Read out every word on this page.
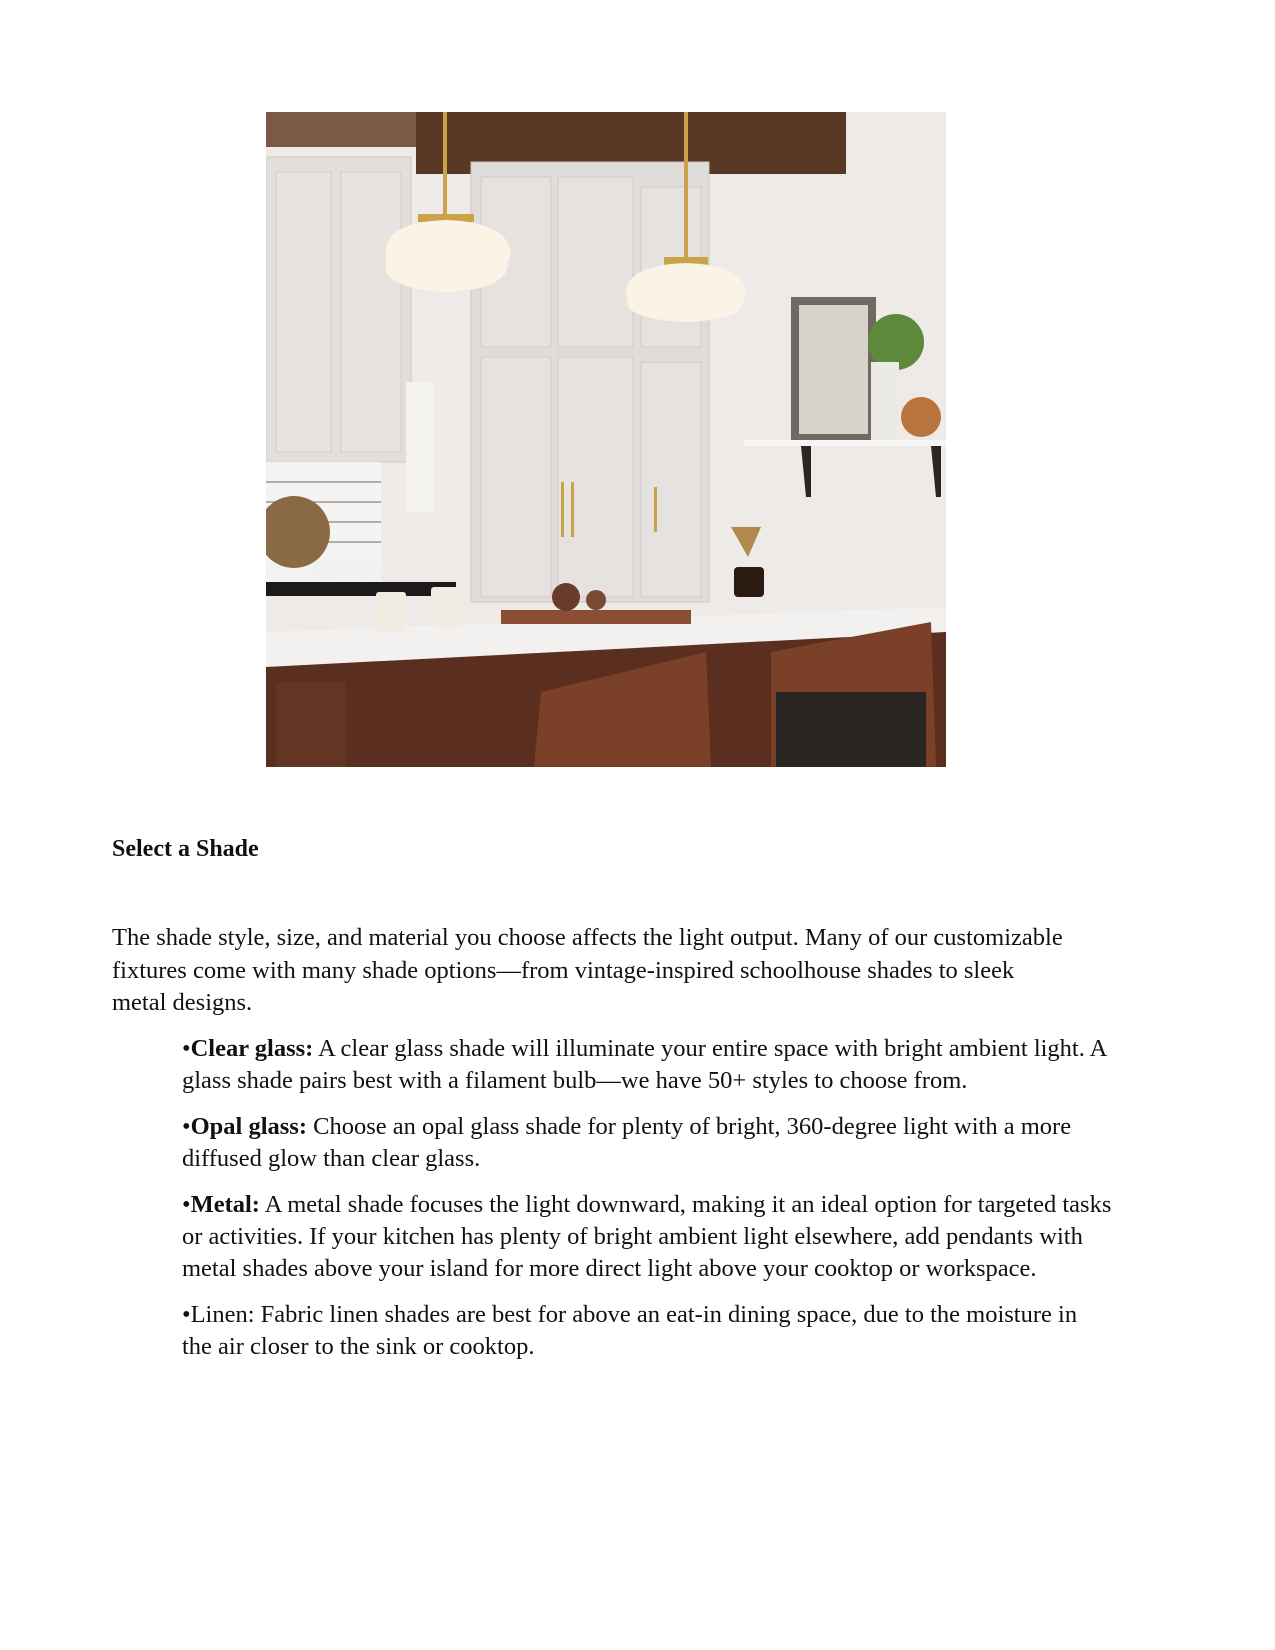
Select a Shade

The shade style, size, and material you choose affects the light output. Many of our customizable fixtures come with many shade options—from vintage-inspired schoolhouse shades to sleek metal designs.

•Clear glass: A clear glass shade will illuminate your entire space with bright ambient light. A glass shade pairs best with a filament bulb—we have 50+ styles to choose from.
•Opal glass: Choose an opal glass shade for plenty of bright, 360-degree light with a more diffused glow than clear glass.
•Metal: A metal shade focuses the light downward, making it an ideal option for targeted tasks or activities. If your kitchen has plenty of bright ambient light elsewhere, add pendants with metal shades above your island for more direct light above your cooktop or workspace.
•Linen: Fabric linen shades are best for above an eat-in dining space, due to the moisture in the air closer to the sink or cooktop.
